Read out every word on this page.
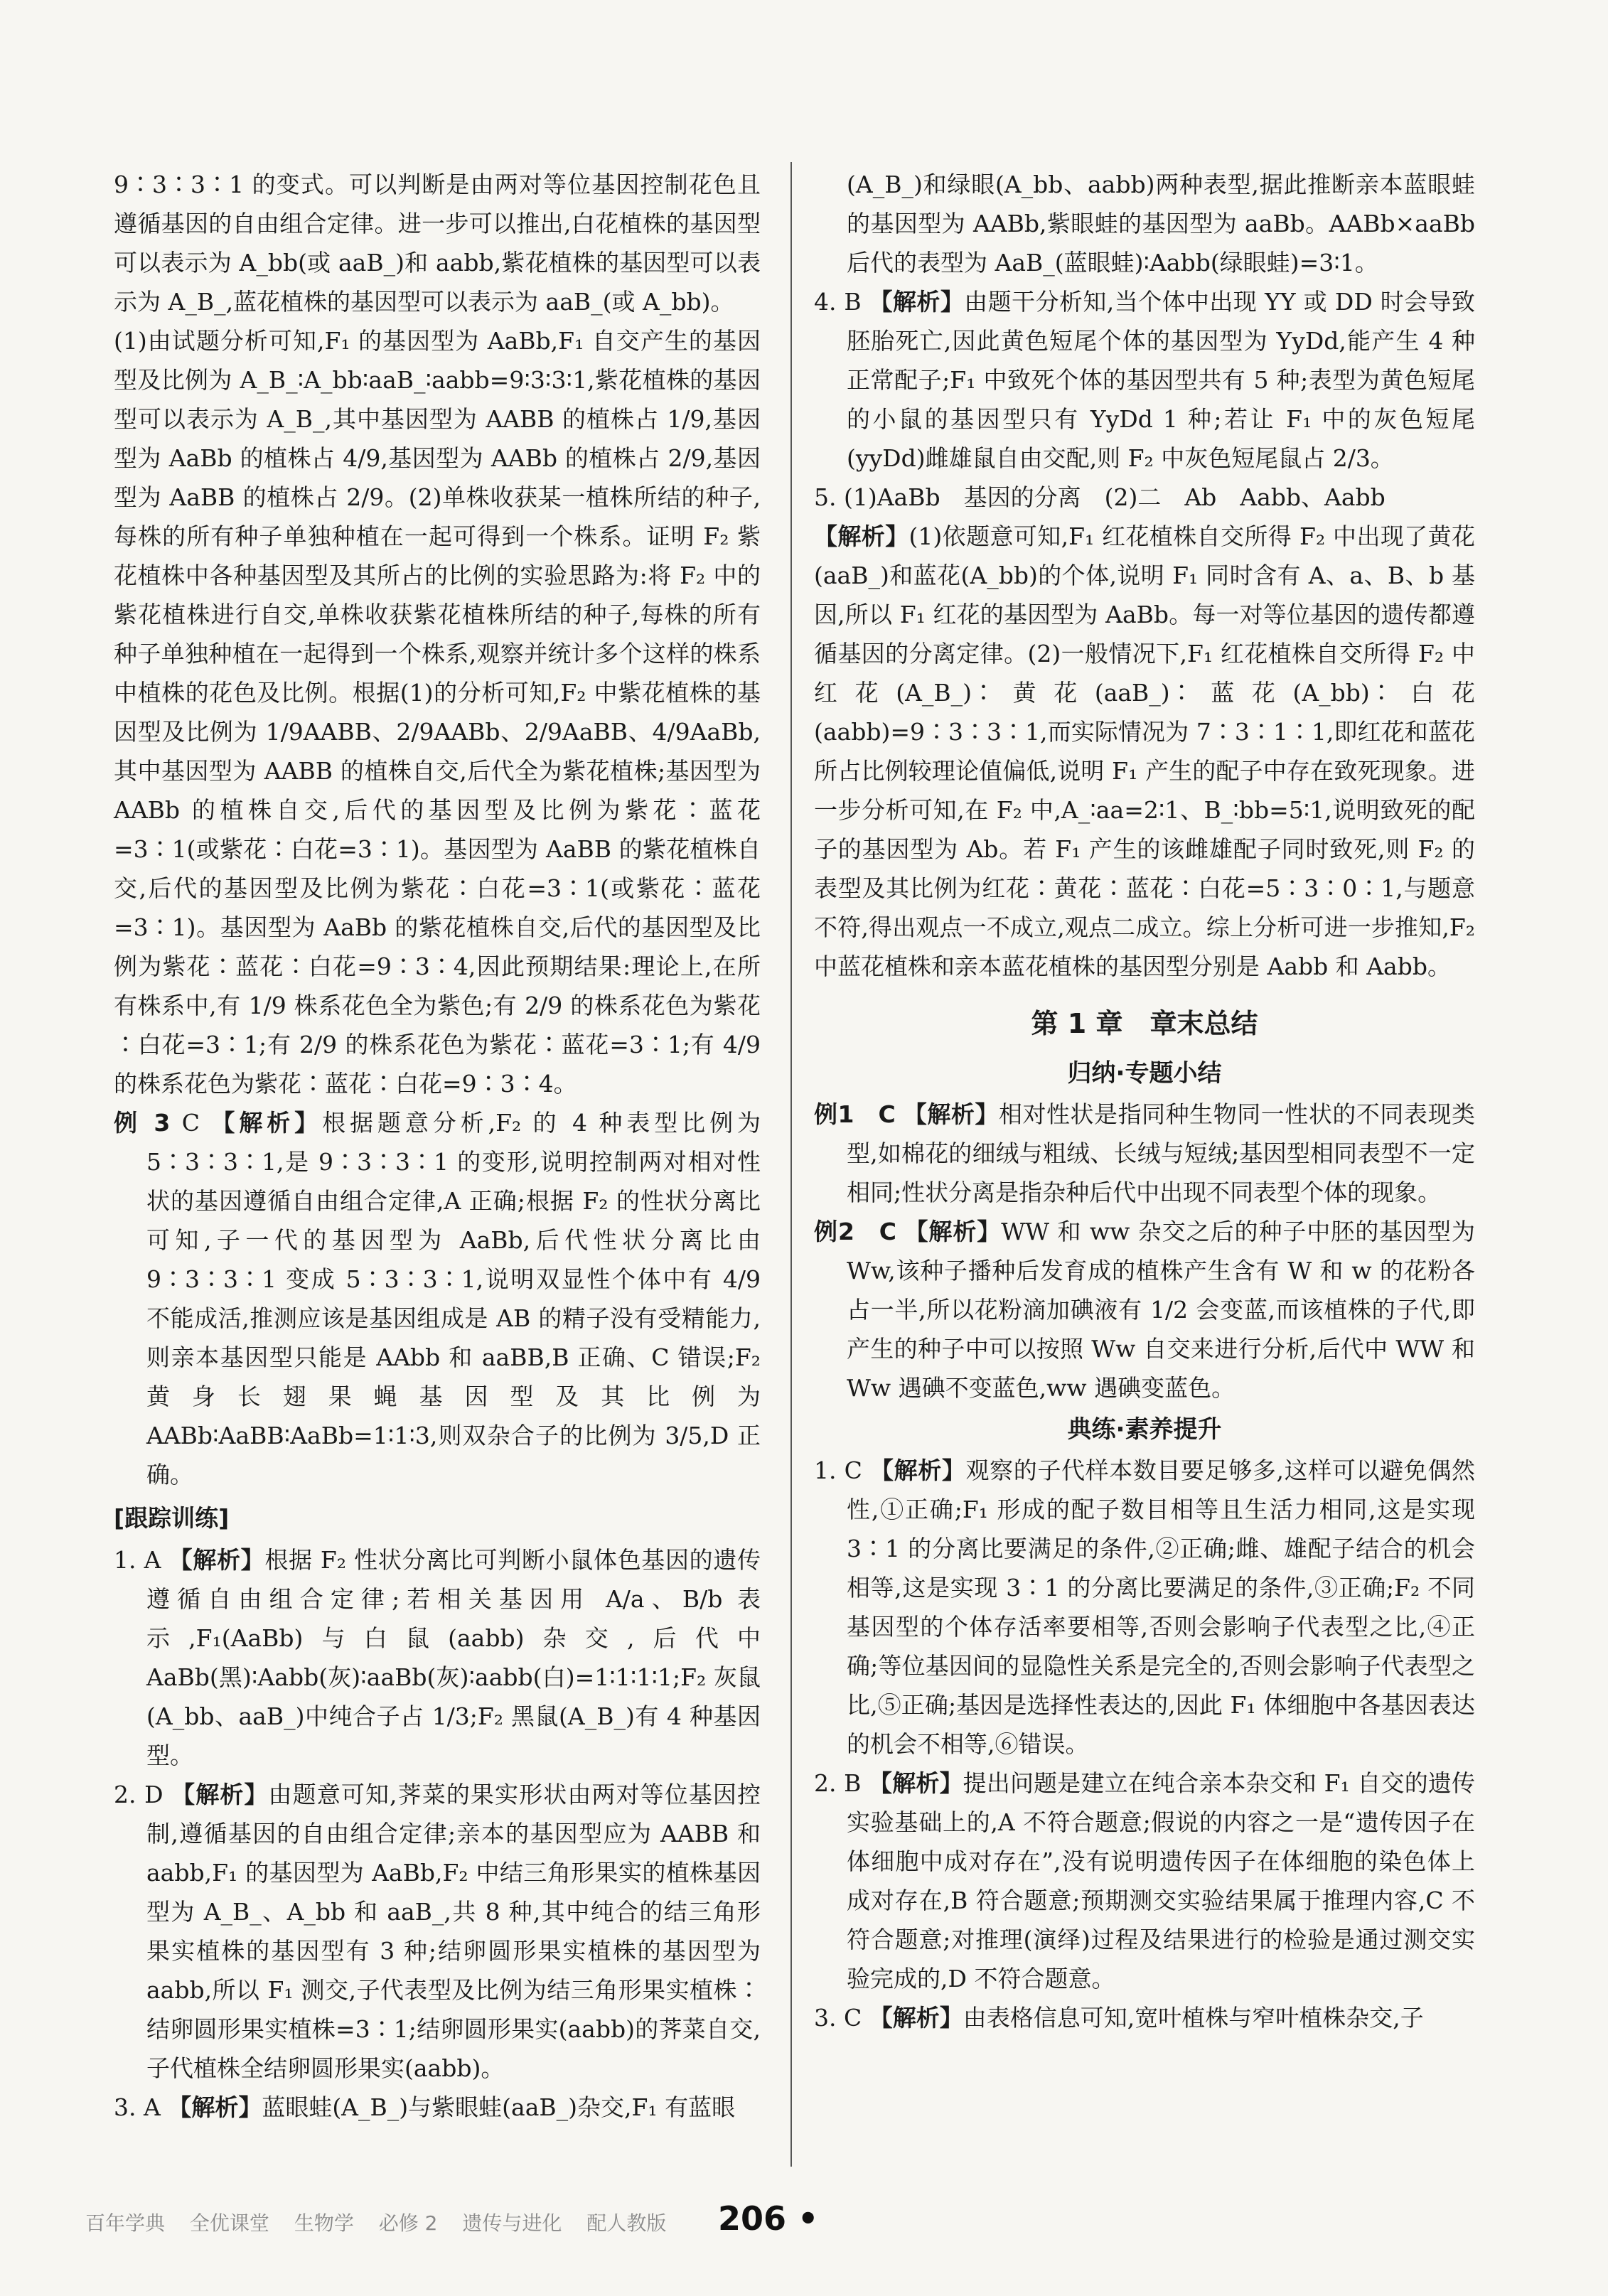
9∶3∶3∶1 的变式。可以判断是由两对等位基因控制花色且遵循基因的自由组合定律。进一步可以推出,白花植株的基因型可以表示为 A_bb(或 aaB_)和 aabb,紫花植株的基因型可以表示为 A_B_,蓝花植株的基因型可以表示为 aaB_(或 A_bb)。

(1)由试题分析可知,F₁ 的基因型为 AaBb,F₁ 自交产生的基因型及比例为 A_B_∶A_bb∶aaB_∶aabb=9∶3∶3∶1,紫花植株的基因型可以表示为 A_B_,其中基因型为 AABB 的植株占 1/9,基因型为 AaBb 的植株占 4/9,基因型为 AABb 的植株占 2/9,基因型为 AaBB 的植株占 2/9。(2)单株收获某一植株所结的种子,每株的所有种子单独种植在一起可得到一个株系。证明 F₂ 紫花植株中各种基因型及其所占的比例的实验思路为:将 F₂ 中的紫花植株进行自交,单株收获紫花植株所结的种子,每株的所有种子单独种植在一起得到一个株系,观察并统计多个这样的株系中植株的花色及比例。根据(1)的分析可知,F₂ 中紫花植株的基因型及比例为 1/9AABB、2/9AABb、2/9AaBB、4/9AaBb,其中基因型为 AABB 的植株自交,后代全为紫花植株;基因型为 AABb 的植株自交,后代的基因型及比例为紫花∶蓝花=3∶1(或紫花∶白花=3∶1)。基因型为 AaBB 的紫花植株自交,后代的基因型及比例为紫花∶白花=3∶1(或紫花∶蓝花=3∶1)。基因型为 AaBb 的紫花植株自交,后代的基因型及比例为紫花∶蓝花∶白花=9∶3∶4,因此预期结果:理论上,在所有株系中,有 1/9 株系花色全为紫色;有 2/9 的株系花色为紫花∶白花=3∶1;有 2/9 的株系花色为紫花∶蓝花=3∶1;有 4/9 的株系花色为紫花∶蓝花∶白花=9∶3∶4。

例 3 C 【解析】根据题意分析,F₂ 的 4 种表型比例为 5∶3∶3∶1,是 9∶3∶3∶1 的变形,说明控制两对相对性状的基因遵循自由组合定律,A 正确;根据 F₂ 的性状分离比可知,子一代的基因型为 AaBb,后代性状分离比由 9∶3∶3∶1 变成 5∶3∶3∶1,说明双显性个体中有 4/9 不能成活,推测应该是基因组成是 AB 的精子没有受精能力,则亲本基因型只能是 AAbb 和 aaBB,B 正确、C 错误;F₂ 黄身长翅果蝇基因型及其比例为 AABb∶AaBB∶AaBb=1∶1∶3,则双杂合子的比例为 3/5,D 正确。

[跟踪训练]

1. A 【解析】根据 F₂ 性状分离比可判断小鼠体色基因的遗传遵循自由组合定律;若相关基因用 A/a、B/b 表示,F₁(AaBb)与白鼠(aabb)杂交,后代中 AaBb(黑)∶Aabb(灰)∶aaBb(灰)∶aabb(白)=1∶1∶1∶1;F₂ 灰鼠(A_bb、aaB_)中纯合子占 1/3;F₂ 黑鼠(A_B_)有 4 种基因型。

2. D 【解析】由题意可知,荠菜的果实形状由两对等位基因控制,遵循基因的自由组合定律;亲本的基因型应为 AABB 和 aabb,F₁ 的基因型为 AaBb,F₂ 中结三角形果实的植株基因型为 A_B_、A_bb 和 aaB_,共 8 种,其中纯合的结三角形果实植株的基因型有 3 种;结卵圆形果实植株的基因型为 aabb,所以 F₁ 测交,子代表型及比例为结三角形果实植株∶结卵圆形果实植株=3∶1;结卵圆形果实(aabb)的荠菜自交,子代植株全结卵圆形果实(aabb)。

3. A 【解析】蓝眼蛙(A_B_)与紫眼蛙(aaB_)杂交,F₁ 有蓝眼

(A_B_)和绿眼(A_bb、aabb)两种表型,据此推断亲本蓝眼蛙的基因型为 AABb,紫眼蛙的基因型为 aaBb。AABb×aaBb 后代的表型为 AaB_(蓝眼蛙)∶Aabb(绿眼蛙)=3∶1。

4. B 【解析】由题干分析知,当个体中出现 YY 或 DD 时会导致胚胎死亡,因此黄色短尾个体的基因型为 YyDd,能产生 4 种正常配子;F₁ 中致死个体的基因型共有 5 种;表型为黄色短尾的小鼠的基因型只有 YyDd 1 种;若让 F₁ 中的灰色短尾(yyDd)雌雄鼠自由交配,则 F₂ 中灰色短尾鼠占 2/3。

5. (1)AaBb　基因的分离　(2)二　Ab　Aabb、Aabb

【解析】(1)依题意可知,F₁ 红花植株自交所得 F₂ 中出现了黄花(aaB_)和蓝花(A_bb)的个体,说明 F₁ 同时含有 A、a、B、b 基因,所以 F₁ 红花的基因型为 AaBb。每一对等位基因的遗传都遵循基因的分离定律。(2)一般情况下,F₁ 红花植株自交所得 F₂ 中红花(A_B_)∶黄花(aaB_)∶蓝花(A_bb)∶白花(aabb)=9∶3∶3∶1,而实际情况为 7∶3∶1∶1,即红花和蓝花所占比例较理论值偏低,说明 F₁ 产生的配子中存在致死现象。进一步分析可知,在 F₂ 中,A_∶aa=2∶1、B_∶bb=5∶1,说明致死的配子的基因型为 Ab。若 F₁ 产生的该雌雄配子同时致死,则 F₂ 的表型及其比例为红花∶黄花∶蓝花∶白花=5∶3∶0∶1,与题意不符,得出观点一不成立,观点二成立。综上分析可进一步推知,F₂ 中蓝花植株和亲本蓝花植株的基因型分别是 Aabb 和 Aabb。

第 1 章　章末总结

归纳·专题小结

例1　C 【解析】相对性状是指同种生物同一性状的不同表现类型,如棉花的细绒与粗绒、长绒与短绒;基因型相同表型不一定相同;性状分离是指杂种后代中出现不同表型个体的现象。

例2　C 【解析】WW 和 ww 杂交之后的种子中胚的基因型为 Ww,该种子播种后发育成的植株产生含有 W 和 w 的花粉各占一半,所以花粉滴加碘液有 1/2 会变蓝,而该植株的子代,即产生的种子中可以按照 Ww 自交来进行分析,后代中 WW 和 Ww 遇碘不变蓝色,ww 遇碘变蓝色。

典练·素养提升

1. C 【解析】观察的子代样本数目要足够多,这样可以避免偶然性,①正确;F₁ 形成的配子数目相等且生活力相同,这是实现 3∶1 的分离比要满足的条件,②正确;雌、雄配子结合的机会相等,这是实现 3∶1 的分离比要满足的条件,③正确;F₂ 不同基因型的个体存活率要相等,否则会影响子代表型之比,④正确;等位基因间的显隐性关系是完全的,否则会影响子代表型之比,⑤正确;基因是选择性表达的,因此 F₁ 体细胞中各基因表达的机会不相等,⑥错误。

2. B 【解析】提出问题是建立在纯合亲本杂交和 F₁ 自交的遗传实验基础上的,A 不符合题意;假说的内容之一是“遗传因子在体细胞中成对存在”,没有说明遗传因子在体细胞的染色体上成对存在,B 符合题意;预期测交实验结果属于推理内容,C 不符合题意;对推理(演绎)过程及结果进行的检验是通过测交实验完成的,D 不符合题意。

3. C 【解析】由表格信息可知,宽叶植株与窄叶植株杂交,子

百年学典 全优课堂 生物学 必修 2 遗传与进化 配人教版	206 •
